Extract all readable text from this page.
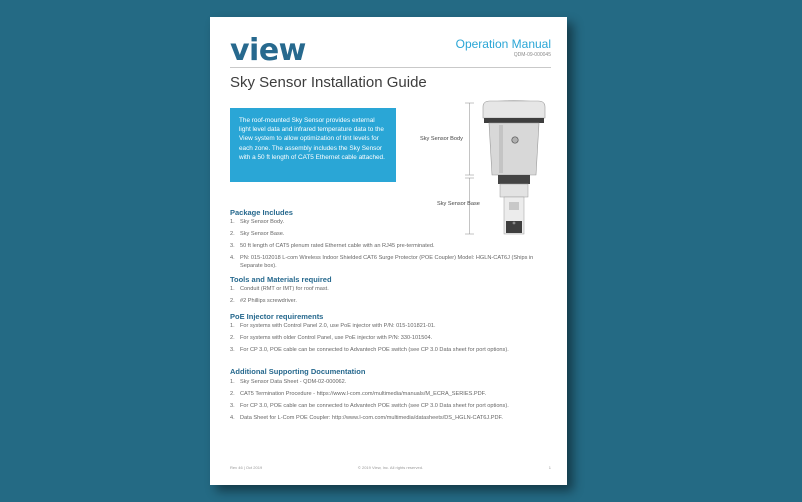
view	Operation Manual
QDM-09-000045
Sky Sensor Installation Guide
The roof-mounted Sky Sensor provides external light level data and infrared temperature data to the View system to allow optimization of tint levels for each zone. The assembly includes the Sky Sensor with a 50 ft length of CAT5 Ethernet cable attached.
Sky Sensor Body
Sky Sensor Base
Package Includes
1. Sky Sensor Body.
2. Sky Sensor Base.
3. 50 ft length of CAT5 plenum rated Ethernet cable with an RJ45 pre-terminated.
4. PN: 015-102018 L-com Wireless Indoor Shielded CAT6 Surge Protector (POE Coupler) Model: HGLN-CAT6J (Ships in Separate box).
Tools and Materials required
1. Conduit (RMT or IMT) for roof mast.
2. #2 Phillips screwdriver.
PoE Injector requirements
1. For systems with Control Panel 2.0, use PoE injector with P/N: 015-101821-01.
2. For systems with older Control Panel, use PoE injector with P/N: 330-101504.
3. For CP 3.0, POE cable can be connected to Advantech POE switch (see CP 3.0 Data sheet for port options).
Additional Supporting Documentation
1. Sky Sensor Data Sheet - QDM-02-000062.
2. CAT5 Termination Procedure - https://www.l-com.com/multimedia/manuals/M_ECRA_SERIES.PDF.
3. For CP 3.0, POE cable can be connected to Advantech POE switch (see CP 3.0 Data sheet for port options).
4. Data Sheet for L-Com POE Coupler: http://www.l-com.com/multimedia/datasheets/DS_HGLN-CAT6J.PDF.
Rev 46 | Oct 2019	© 2019 View, Inc. All rights reserved.	1
